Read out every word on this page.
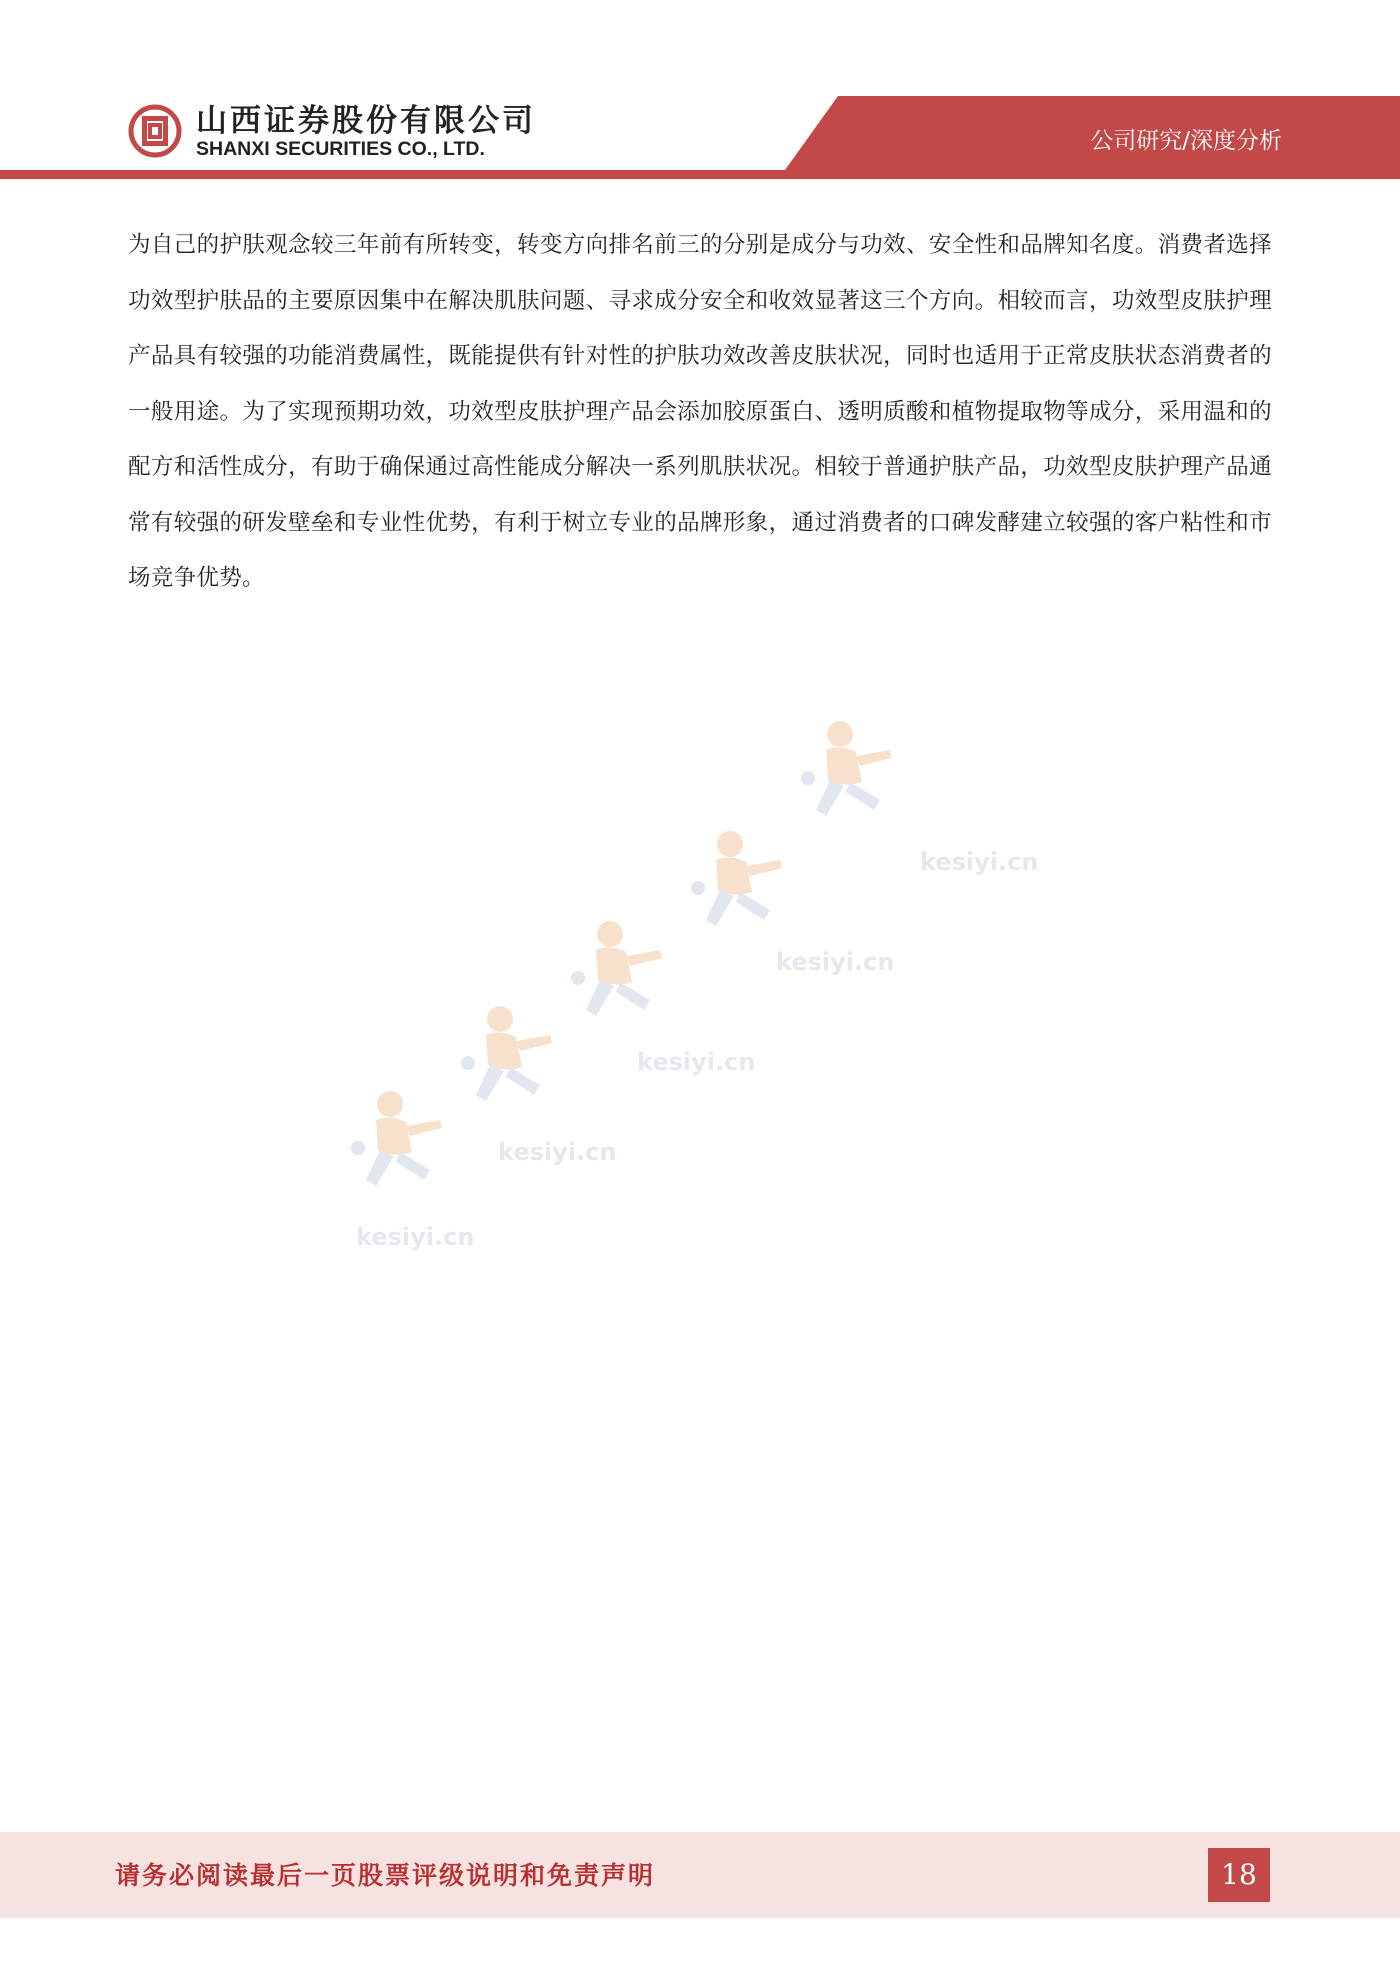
山西证券股份有限公司
SHANXI SECURITIES CO., LTD.	公司研究/深度分析

为自己的护肤观念较三年前有所转变，转变方向排名前三的分别是成分与功效、安全性和品牌知名度。消费者选择功效型护肤品的主要原因集中在解决肌肤问题、寻求成分安全和收效显著这三个方向。相较而言，功效型皮肤护理产品具有较强的功能消费属性，既能提供有针对性的护肤功效改善皮肤状况，同时也适用于正常皮肤状态消费者的一般用途。为了实现预期功效，功效型皮肤护理产品会添加胶原蛋白、透明质酸和植物提取物等成分，采用温和的配方和活性成分，有助于确保通过高性能成分解决一系列肌肤状况。相较于普通护肤产品，功效型皮肤护理产品通常有较强的研发壁垒和专业性优势，有利于树立专业的品牌形象，通过消费者的口碑发酵建立较强的客户粘性和市场竞争优势。

kesiyi.cn
kesiyi.cn
kesiyi.cn
kesiyi.cn
kesiyi.cn
请务必阅读最后一页股票评级说明和免责声明	18
